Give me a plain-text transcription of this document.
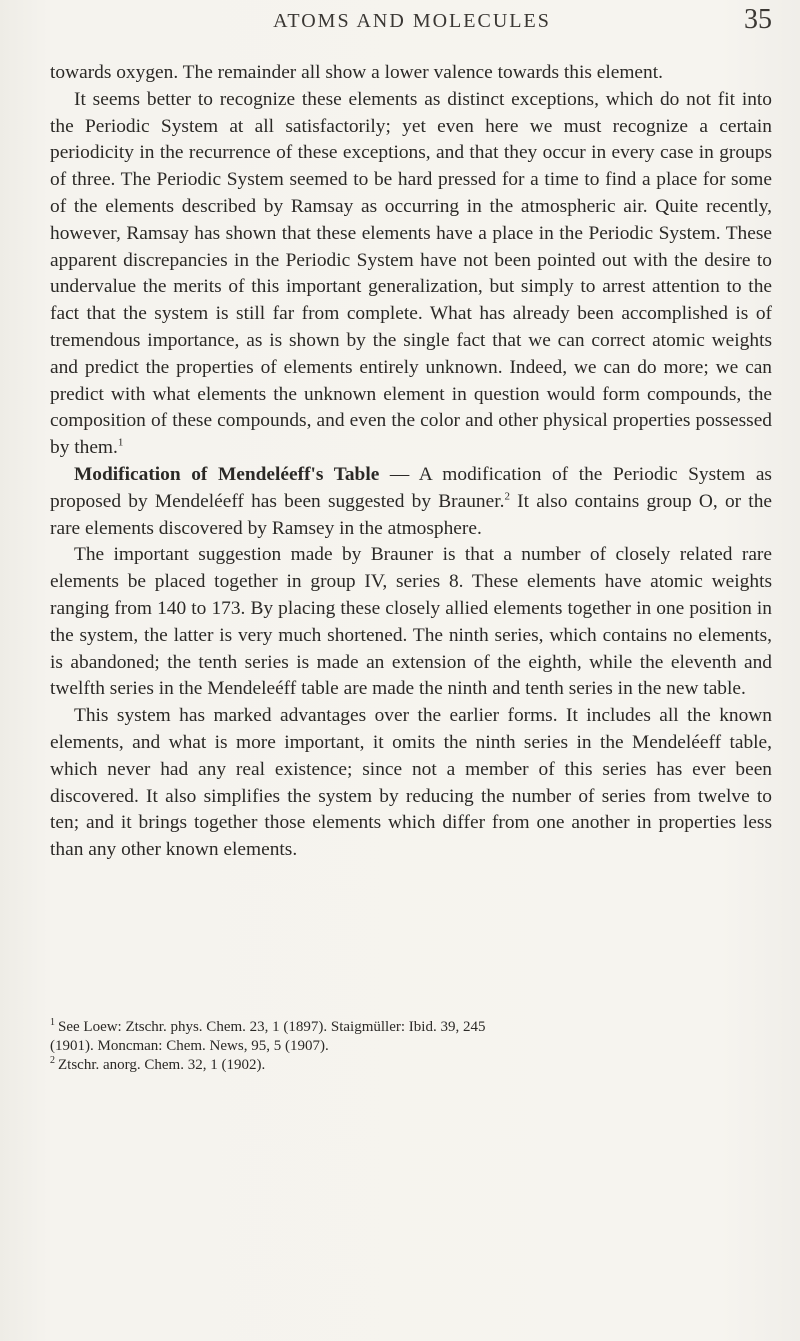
ATOMS AND MOLECULES	35

towards oxygen. The remainder all show a lower valence towards this element.

It seems better to recognize these elements as distinct exceptions, which do not fit into the Periodic System at all satisfactorily; yet even here we must recognize a certain periodicity in the recurrence of these exceptions, and that they occur in every case in groups of three. The Periodic System seemed to be hard pressed for a time to find a place for some of the elements described by Ramsay as occurring in the atmospheric air. Quite recently, however, Ramsay has shown that these elements have a place in the Periodic System. These apparent discrepancies in the Periodic System have not been pointed out with the desire to undervalue the merits of this important generalization, but simply to arrest attention to the fact that the system is still far from complete. What has already been accomplished is of tremendous importance, as is shown by the single fact that we can correct atomic weights and predict the properties of elements entirely unknown. Indeed, we can do more; we can predict with what elements the unknown element in question would form compounds, the composition of these compounds, and even the color and other physical properties possessed by them.$^1$

Modification of Mendeléeff's Table — A modification of the Periodic System as proposed by Mendeléeff has been suggested by Brauner.$^2$ It also contains group O, or the rare elements discovered by Ramsey in the atmosphere.

The important suggestion made by Brauner is that a number of closely related rare elements be placed together in group IV, series 8. These elements have atomic weights ranging from 140 to 173. By placing these closely allied elements together in one position in the system, the latter is very much shortened. The ninth series, which contains no elements, is abandoned; the tenth series is made an extension of the eighth, while the eleventh and twelfth series in the Mendeleéff table are made the ninth and tenth series in the new table.

This system has marked advantages over the earlier forms. It includes all the known elements, and what is more important, it omits the ninth series in the Mendeléeff table, which never had any real existence; since not a member of this series has ever been discovered. It also simplifies the system by reducing the number of series from twelve to ten; and it brings together those elements which differ from one another in properties less than any other known elements.

$^1$ See Loew: Ztschr. phys. Chem. 23, 1 (1897). Staigmüller: Ibid. 39, 245

(1901). Moncman: Chem. News, 95, 5 (1907).

$^2$ Ztschr. anorg. Chem. 32, 1 (1902).
